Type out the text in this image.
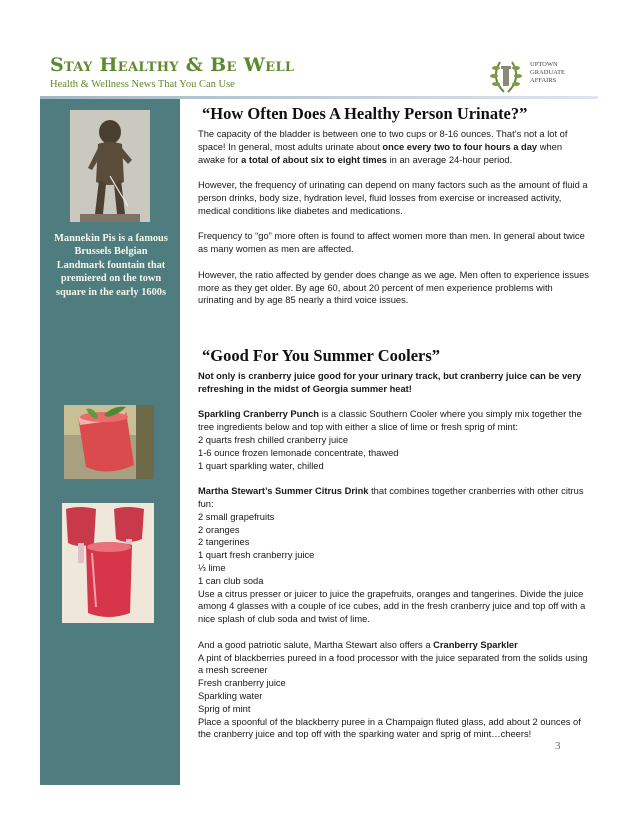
Stay Healthy & Be Well
Health & Wellness News That You Can Use
UPTOWN
GRADUATE
AFFAIRS
Mannekin Pis is a famous Brussels Belgian Landmark fountain that premiered on the town square in the early 1600s
“How Often Does A Healthy Person Urinate?”

The capacity of the bladder is between one to two cups or 8-16 ounces. That’s not a lot of space! In general, most adults urinate about once every two to four hours a day when awake for a total of about six to eight times in an average 24-hour period.

However, the frequency of urinating can depend on many factors such as the amount of fluid a person drinks, body size, hydration level, fluid losses from exercise or increased activity, medical conditions like diabetes and medications.

Frequency to “go” more often is found to affect women more than men. In general about twice as many women as men are affected.

However, the ratio affected by gender does change as we age. Men often to experience issues more as they get older. By age 60, about 20 percent of men experience problems with urinating and by age 85 nearly a third voice issues.

“Good For You Summer Coolers”

Not only is cranberry juice good for your urinary track, but cranberry juice can be very refreshing in the midst of Georgia summer heat!

Sparkling Cranberry Punch is a classic Southern Cooler where you simply mix together the tree ingredients below and top with either a slice of lime or fresh sprig of mint:

2 quarts fresh chilled cranberry juice
1-6 ounce frozen lemonade concentrate, thawed
1 quart sparkling water, chilled

Martha Stewart’s Summer Citrus Drink that combines together cranberries with other citrus fun:

2 small grapefruits
2 oranges
2 tangerines
1 quart fresh cranberry juice
⅓ lime
1 can club soda

Use a citrus presser or juicer to juice the grapefruits, oranges and tangerines. Divide the juice among 4 glasses with a couple of ice cubes, add in the fresh cranberry juice and top off with a nice splash of club soda and twist of lime.

And a good patriotic salute, Martha Stewart also offers a Cranberry Sparkler

A pint of blackberries pureed in a food processor with the juice separated from the solids using a mesh screener
Fresh cranberry juice
Sparkling water
Sprig of mint

Place a spoonful of the blackberry puree in a Champaign fluted glass, add about 2 ounces of the cranberry juice and top off with the sparking water and sprig of mint…cheers!

3
